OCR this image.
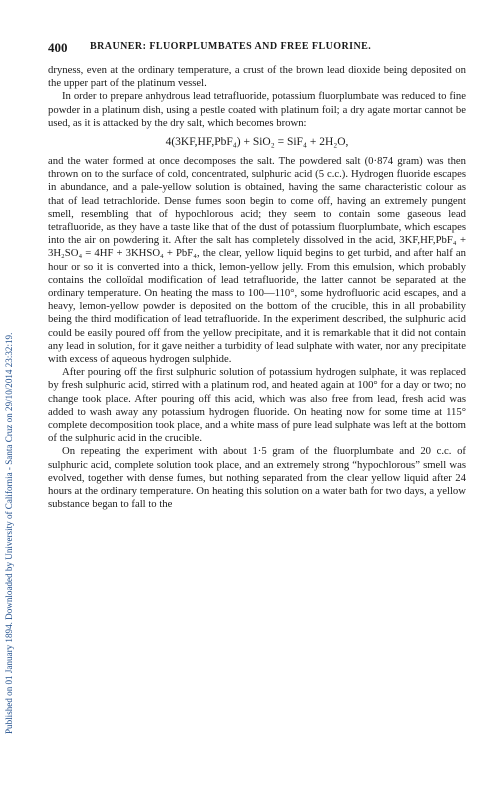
Published on 01 January 1894. Downloaded by University of California - Santa Cruz on 29/10/2014 23:32:19.
400 BRAUNER: FLUORPLUMBATES AND FREE FLUORINE.

dryness, even at the ordinary temperature, a crust of the brown lead dioxide being deposited on the upper part of the platinum vessel.

In order to prepare anhydrous lead tetrafluoride, potassium fluorplumbate was reduced to fine powder in a platinum dish, using a pestle coated with platinum foil; a dry agate mortar cannot be used, as it is attacked by the dry salt, which becomes brown:

4(3KF,HF,PbF₄) + SiO₂ = SiF₄ + 2H₂O,

and the water formed at once decomposes the salt. The powdered salt (0·874 gram) was then thrown on to the surface of cold, concentrated, sulphuric acid (5 c.c.). Hydrogen fluoride escapes in abundance, and a pale-yellow solution is obtained, having the same characteristic colour as that of lead tetrachloride. Dense fumes soon begin to come off, having an extremely pungent smell, resembling that of hypochlorous acid; they seem to contain some gaseous lead tetrafluoride, as they have a taste like that of the dust of potassium fluorplumbate, which escapes into the air on powdering it. After the salt has completely dissolved in the acid, 3KF,HF,PbF₄ + 3H₂SO₄ = 4HF + 3KHSO₄ + PbF₄, the clear, yellow liquid begins to get turbid, and after half an hour or so it is converted into a thick, lemon-yellow jelly. From this emulsion, which probably contains the colloïdal modification of lead tetrafluoride, the latter cannot be separated at the ordinary temperature. On heating the mass to 100—110°, some hydrofluoric acid escapes, and a heavy, lemon-yellow powder is deposited on the bottom of the crucible, this in all probability being the third modification of lead tetrafluoride. In the experiment described, the sulphuric acid could be easily poured off from the yellow precipitate, and it is remarkable that it did not contain any lead in solution, for it gave neither a turbidity of lead sulphate with water, nor any precipitate with excess of aqueous hydrogen sulphide.

After pouring off the first sulphuric solution of potassium hydrogen sulphate, it was replaced by fresh sulphuric acid, stirred with a platinum rod, and heated again at 100° for a day or two; no change took place. After pouring off this acid, which was also free from lead, fresh acid was added to wash away any potassium hydrogen fluoride. On heating now for some time at 115° complete decomposition took place, and a white mass of pure lead sulphate was left at the bottom of the sulphuric acid in the crucible.

On repeating the experiment with about 1·5 gram of the fluorplumbate and 20 c.c. of sulphuric acid, complete solution took place, and an extremely strong “hypochlorous” smell was evolved, together with dense fumes, but nothing separated from the clear yellow liquid after 24 hours at the ordinary temperature. On heating this solution on a water bath for two days, a yellow substance began to fall to the
